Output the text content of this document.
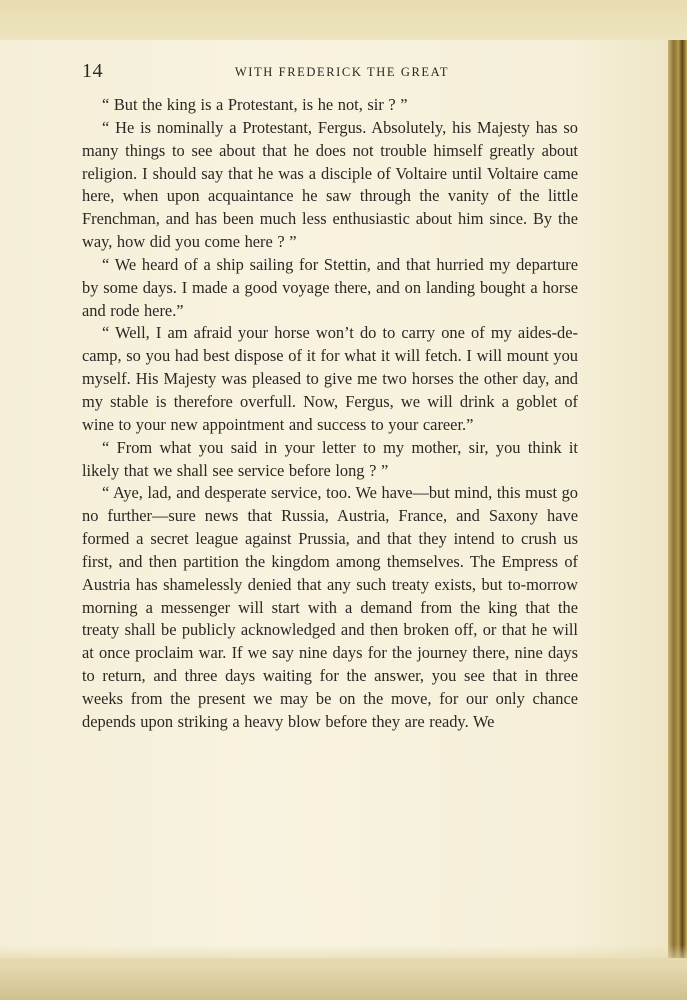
14	WITH FREDERICK THE GREAT

“ But the king is a Protestant, is he not, sir ? ”

“ He is nominally a Protestant, Fergus. Absolutely, his Majesty has so many things to see about that he does not trouble himself greatly about religion. I should say that he was a disciple of Voltaire until Voltaire came here, when upon acquaintance he saw through the vanity of the little Frenchman, and has been much less enthusiastic about him since. By the way, how did you come here ? ”

“ We heard of a ship sailing for Stettin, and that hurried my departure by some days. I made a good voyage there, and on landing bought a horse and rode here.”

“ Well, I am afraid your horse won’t do to carry one of my aides-de-camp, so you had best dispose of it for what it will fetch. I will mount you myself. His Majesty was pleased to give me two horses the other day, and my stable is therefore overfull. Now, Fergus, we will drink a goblet of wine to your new appointment and success to your career.”

“ From what you said in your letter to my mother, sir, you think it likely that we shall see service before long ? ”

“ Aye, lad, and desperate service, too. We have—but mind, this must go no further—sure news that Russia, Austria, France, and Saxony have formed a secret league against Prussia, and that they intend to crush us first, and then partition the kingdom among themselves. The Empress of Austria has shamelessly denied that any such treaty exists, but to-morrow morning a messenger will start with a demand from the king that the treaty shall be publicly acknowledged and then broken off, or that he will at once proclaim war. If we say nine days for the journey there, nine days to return, and three days waiting for the answer, you see that in three weeks from the present we may be on the move, for our only chance depends upon striking a heavy blow before they are ready. We
